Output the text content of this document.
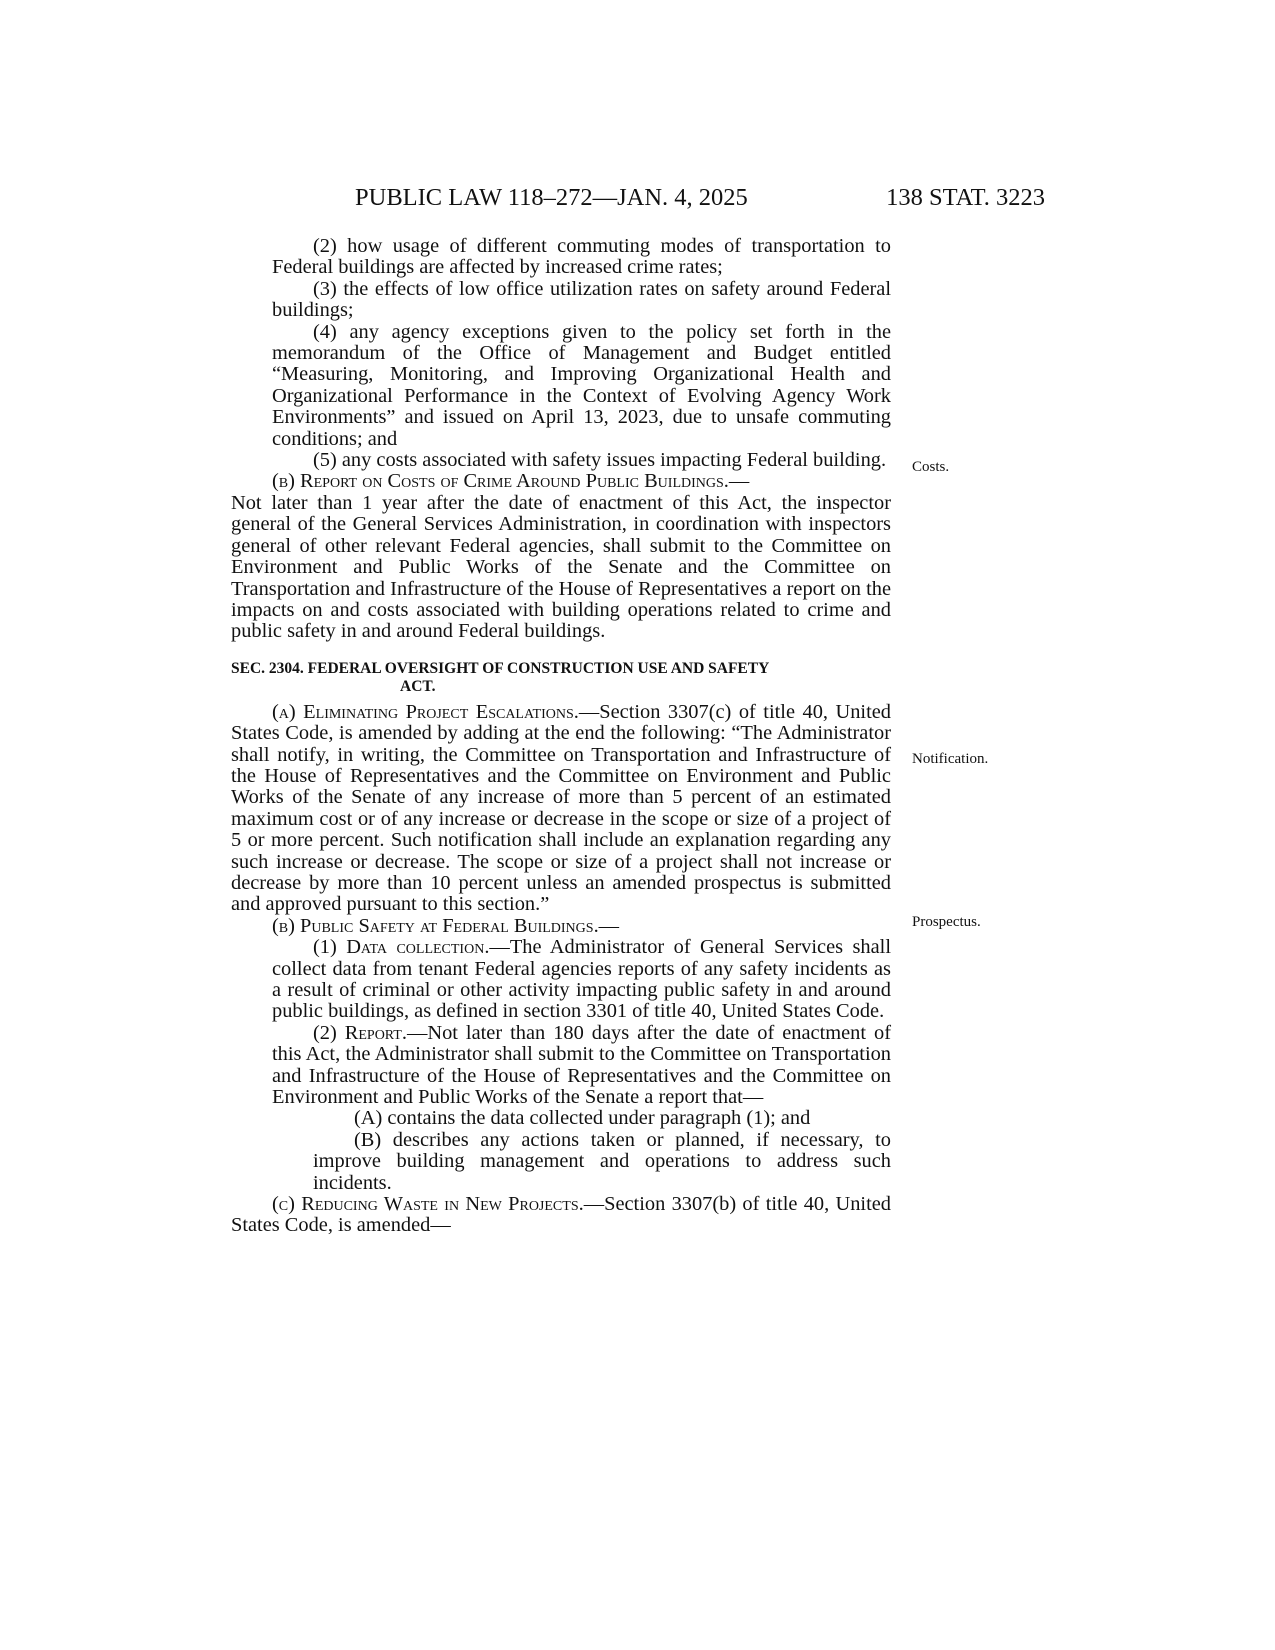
PUBLIC LAW 118–272—JAN. 4, 2025	138 STAT. 3223
Costs.
Notification.
Prospectus.

(2) how usage of different commuting modes of transportation to Federal buildings are affected by increased crime rates;

(3) the effects of low office utilization rates on safety around Federal buildings;

(4) any agency exceptions given to the policy set forth in the memorandum of the Office of Management and Budget entitled “Measuring, Monitoring, and Improving Organizational Health and Organizational Performance in the Context of Evolving Agency Work Environments” and issued on April 13, 2023, due to unsafe commuting conditions; and

(5) any costs associated with safety issues impacting Federal building.

(b) Report on Costs of Crime Around Public Buildings.—
Not later than 1 year after the date of enactment of this Act, the inspector general of the General Services Administration, in coordination with inspectors general of other relevant Federal agencies, shall submit to the Committee on Environment and Public Works of the Senate and the Committee on Transportation and Infrastructure of the House of Representatives a report on the impacts on and costs associated with building operations related to crime and public safety in and around Federal buildings.

SEC. 2304. FEDERAL OVERSIGHT OF CONSTRUCTION USE AND SAFETY
ACT.

(a) Eliminating Project Escalations.—Section 3307(c) of title 40, United States Code, is amended by adding at the end the following: “The Administrator shall notify, in writing, the Committee on Transportation and Infrastructure of the House of Representatives and the Committee on Environment and Public Works of the Senate of any increase of more than 5 percent of an estimated maximum cost or of any increase or decrease in the scope or size of a project of 5 or more percent. Such notification shall include an explanation regarding any such increase or decrease. The scope or size of a project shall not increase or decrease by more than 10 percent unless an amended prospectus is submitted and approved pursuant to this section.”

(b) Public Safety at Federal Buildings.—

(1) Data collection.—The Administrator of General Services shall collect data from tenant Federal agencies reports of any safety incidents as a result of criminal or other activity impacting public safety in and around public buildings, as defined in section 3301 of title 40, United States Code.

(2) Report.—Not later than 180 days after the date of enactment of this Act, the Administrator shall submit to the Committee on Transportation and Infrastructure of the House of Representatives and the Committee on Environment and Public Works of the Senate a report that—

(A) contains the data collected under paragraph (1); and

(B) describes any actions taken or planned, if necessary, to improve building management and operations to address such incidents.

(c) Reducing Waste in New Projects.—Section 3307(b) of title 40, United States Code, is amended—
